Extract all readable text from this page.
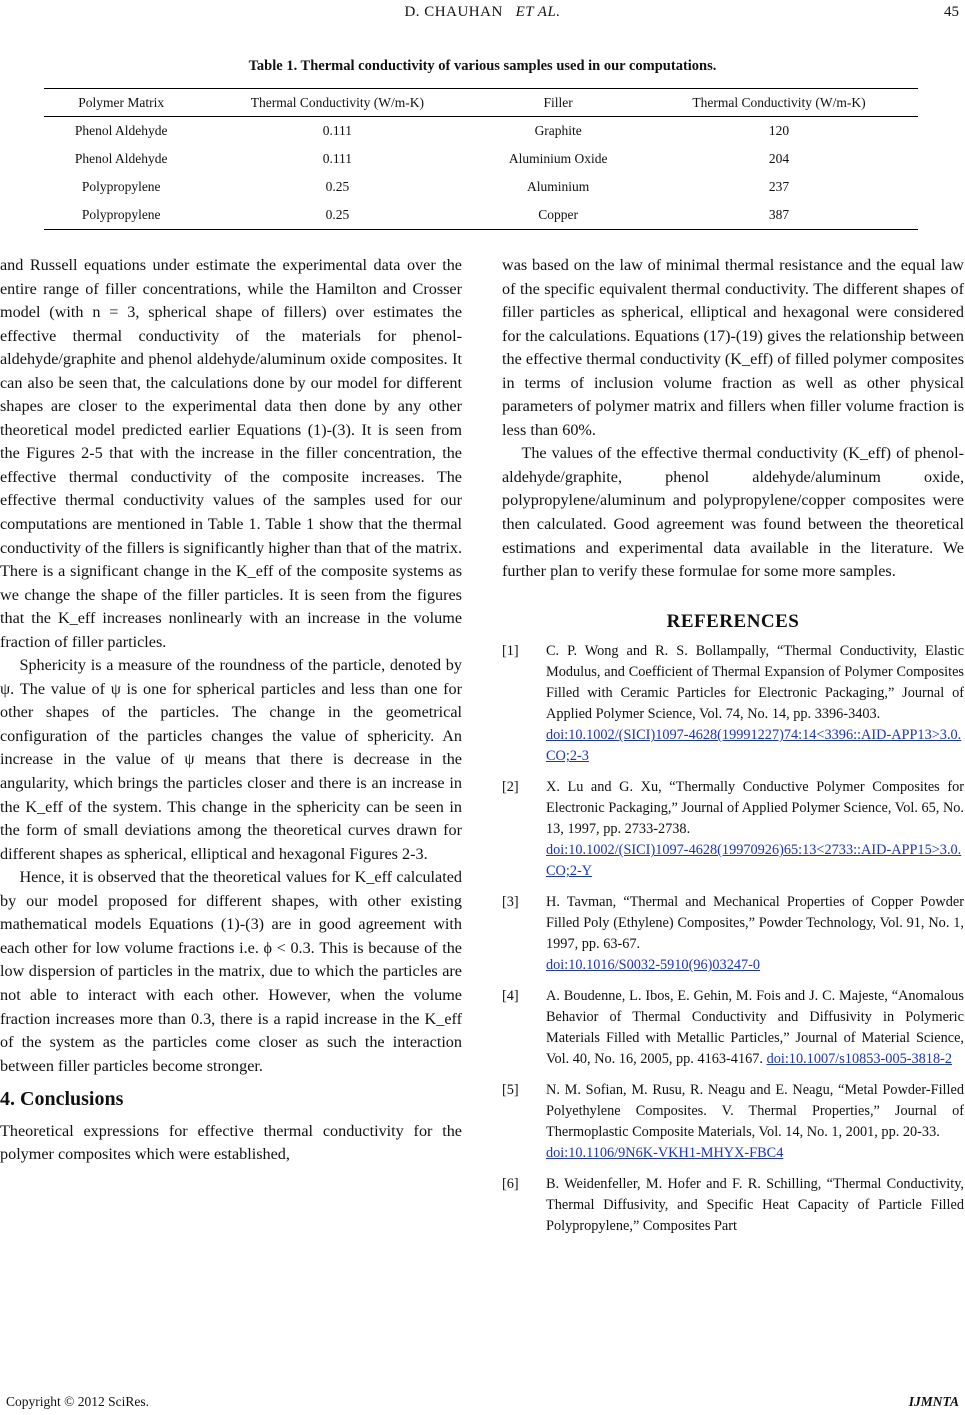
D. CHAUHAN ET AL.	45
Table 1. Thermal conductivity of various samples used in our computations.
Polymer Matrix	Thermal Conductivity (W/m-K)	Filler	Thermal Conductivity (W/m-K)
Phenol Aldehyde	0.111	Graphite	120
Phenol Aldehyde	0.111	Aluminium Oxide	204
Polypropylene	0.25	Aluminium	237
Polypropylene	0.25	Copper	387

and Russell equations under estimate the experimental data over the entire range of filler concentrations, while the Hamilton and Crosser model (with n = 3, spherical shape of fillers) over estimates the effective thermal conductivity of the materials for phenol-aldehyde/graphite and phenol aldehyde/aluminum oxide composites. It can also be seen that, the calculations done by our model for different shapes are closer to the experimental data then done by any other theoretical model predicted earlier Equations (1)-(3). It is seen from the Figures 2-5 that with the increase in the filler concentration, the effective thermal conductivity of the composite increases. The effective thermal conductivity values of the samples used for our computations are mentioned in Table 1. Table 1 show that the thermal conductivity of the fillers is significantly higher than that of the matrix. There is a significant change in the K_eff of the composite systems as we change the shape of the filler particles. It is seen from the figures that the K_eff increases nonlinearly with an increase in the volume fraction of filler particles.

Sphericity is a measure of the roundness of the particle, denoted by ψ. The value of ψ is one for spherical particles and less than one for other shapes of the particles. The change in the geometrical configuration of the particles changes the value of sphericity. An increase in the value of ψ means that there is decrease in the angularity, which brings the particles closer and there is an increase in the K_eff of the system. This change in the sphericity can be seen in the form of small deviations among the theoretical curves drawn for different shapes as spherical, elliptical and hexagonal Figures 2-3.

Hence, it is observed that the theoretical values for K_eff calculated by our model proposed for different shapes, with other existing mathematical models Equations (1)-(3) are in good agreement with each other for low volume fractions i.e. ϕ < 0.3. This is because of the low dispersion of particles in the matrix, due to which the particles are not able to interact with each other. However, when the volume fraction increases more than 0.3, there is a rapid increase in the K_eff of the system as the particles come closer as such the interaction between filler particles become stronger.

4. Conclusions

Theoretical expressions for effective thermal conductivity for the polymer composites which were established,

was based on the law of minimal thermal resistance and the equal law of the specific equivalent thermal conductivity. The different shapes of filler particles as spherical, elliptical and hexagonal were considered for the calculations. Equations (17)-(19) gives the relationship between the effective thermal conductivity (K_eff) of filled polymer composites in terms of inclusion volume fraction as well as other physical parameters of polymer matrix and fillers when filler volume fraction is less than 60%.

The values of the effective thermal conductivity (K_eff) of phenol-aldehyde/graphite, phenol aldehyde/aluminum oxide, polypropylene/aluminum and polypropylene/copper composites were then calculated. Good agreement was found between the theoretical estimations and experimental data available in the literature. We further plan to verify these formulae for some more samples.

REFERENCES
[1]	C. P. Wong and R. S. Bollampally, “Thermal Conductivity, Elastic Modulus, and Coefficient of Thermal Expansion of Polymer Composites Filled with Ceramic Particles for Electronic Packaging,” Journal of Applied Polymer Science, Vol. 74, No. 14, pp. 3396-3403.
doi:10.1002/(SICI)1097-4628(19991227)74:14<3396::AID-APP13>3.0.CO;2-3
[2]	X. Lu and G. Xu, “Thermally Conductive Polymer Composites for Electronic Packaging,” Journal of Applied Polymer Science, Vol. 65, No. 13, 1997, pp. 2733-2738.
doi:10.1002/(SICI)1097-4628(19970926)65:13<2733::AID-APP15>3.0.CO;2-Y
[3]	H. Tavman, “Thermal and Mechanical Properties of Copper Powder Filled Poly (Ethylene) Composites,” Powder Technology, Vol. 91, No. 1, 1997, pp. 63-67.
doi:10.1016/S0032-5910(96)03247-0
[4]	A. Boudenne, L. Ibos, E. Gehin, M. Fois and J. C. Majeste, “Anomalous Behavior of Thermal Conductivity and Diffusivity in Polymeric Materials Filled with Metallic Particles,” Journal of Material Science, Vol. 40, No. 16, 2005, pp. 4163-4167. doi:10.1007/s10853-005-3818-2
[5]	N. M. Sofian, M. Rusu, R. Neagu and E. Neagu, “Metal Powder-Filled Polyethylene Composites. V. Thermal Properties,” Journal of Thermoplastic Composite Materials, Vol. 14, No. 1, 2001, pp. 20-33.
doi:10.1106/9N6K-VKH1-MHYX-FBC4
[6]	B. Weidenfeller, M. Hofer and F. R. Schilling, “Thermal Conductivity, Thermal Diffusivity, and Specific Heat Capacity of Particle Filled Polypropylene,” Composites Part
Copyright © 2012 SciRes.	IJMNTA
